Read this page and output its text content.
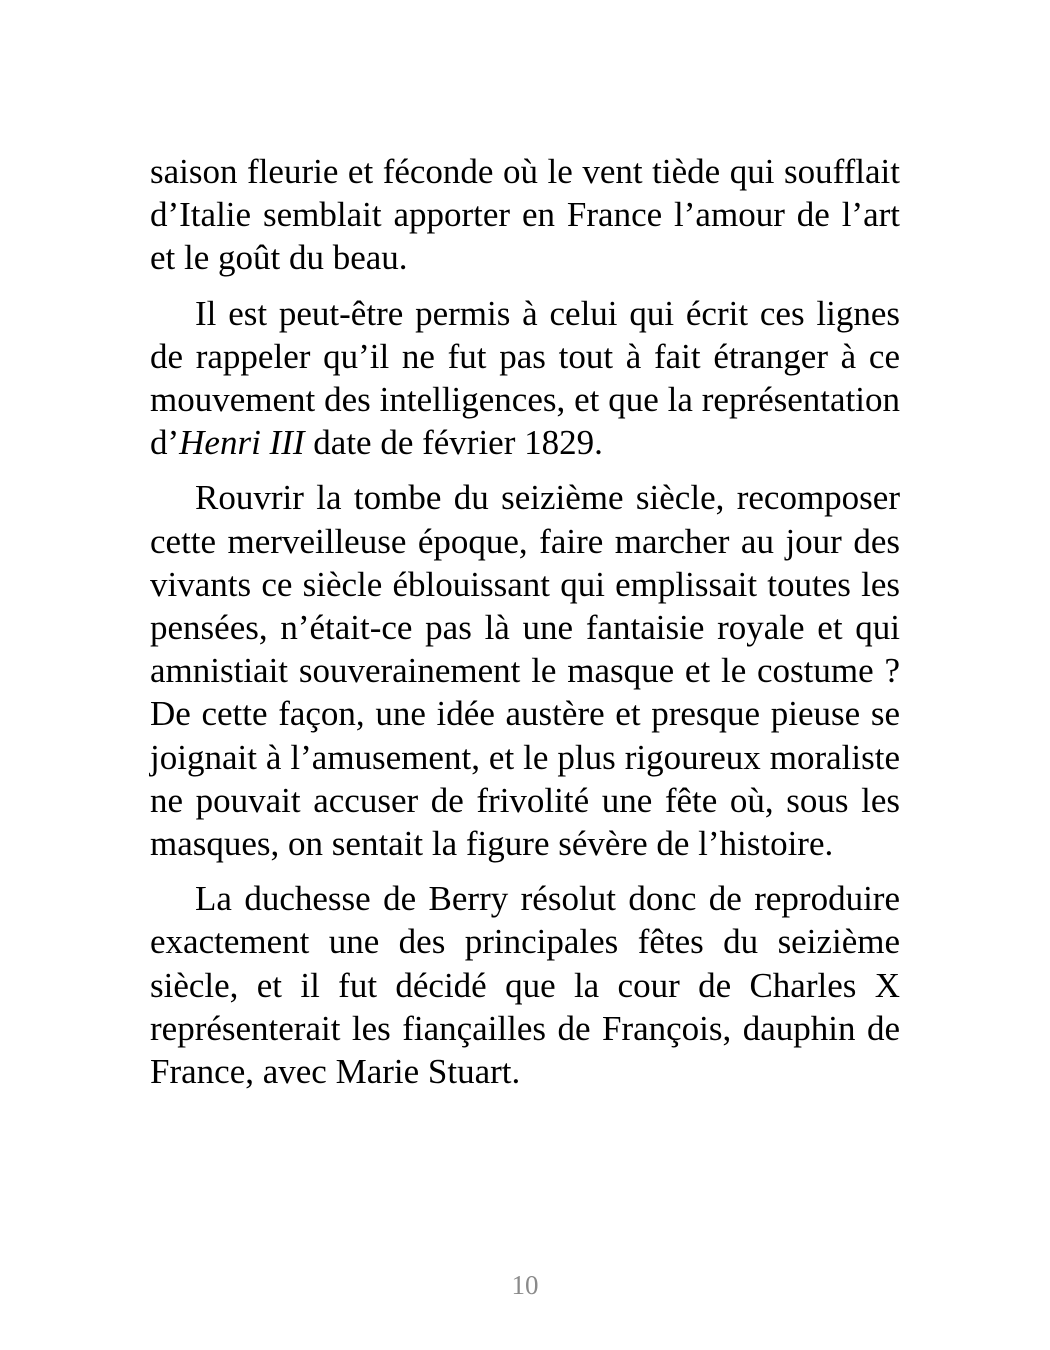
saison fleurie et féconde où le vent tiède qui soufflait d’Italie semblait apporter en France l’amour de l’art et le goût du beau.

Il est peut-être permis à celui qui écrit ces lignes de rappeler qu’il ne fut pas tout à fait étranger à ce mouvement des intelligences, et que la représentation d’Henri III date de février 1829.

Rouvrir la tombe du seizième siècle, recomposer cette merveilleuse époque, faire marcher au jour des vivants ce siècle éblouissant qui emplissait toutes les pensées, n’était-ce pas là une fantaisie royale et qui amnistiait souverainement le masque et le costume ? De cette façon, une idée austère et presque pieuse se joignait à l’amusement, et le plus rigoureux moraliste ne pouvait accuser de frivolité une fête où, sous les masques, on sentait la figure sévère de l’histoire.

La duchesse de Berry résolut donc de reproduire exactement une des principales fêtes du seizième siècle, et il fut décidé que la cour de Charles X représenterait les fiançailles de François, dauphin de France, avec Marie Stuart.

10
